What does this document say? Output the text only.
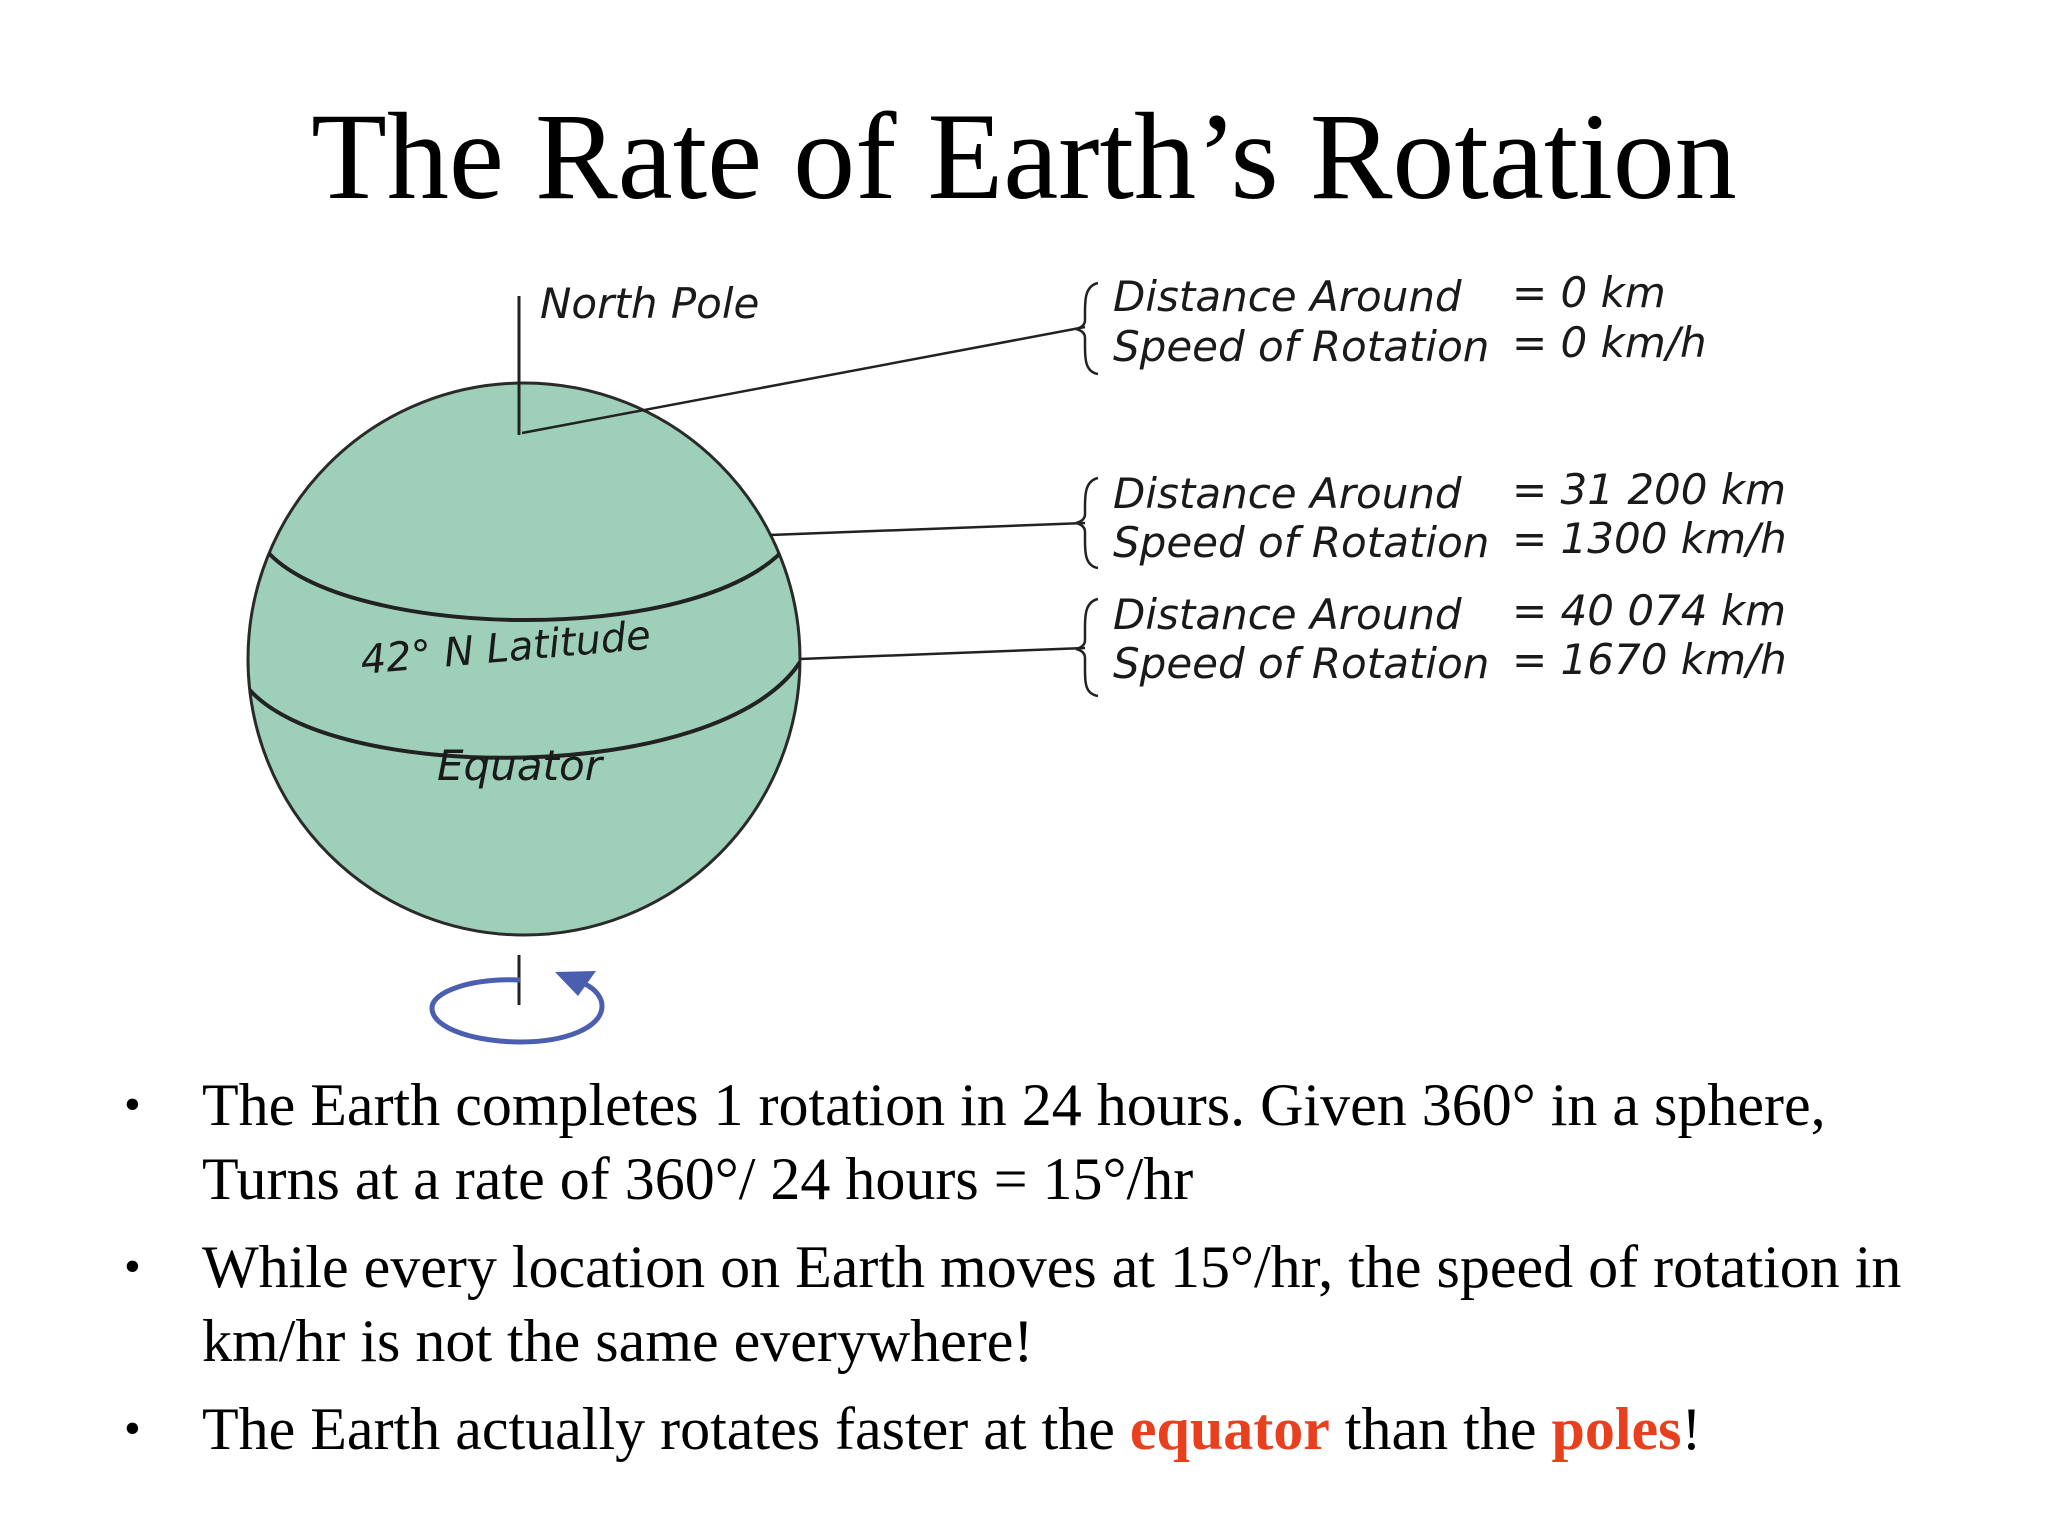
The Rate of Earth’s Rotation
North Pole
42° N Latitude
Equator
Distance Around = 0 km
Speed of Rotation = 0 km/h
Distance Around = 31 200 km
Speed of Rotation = 1300 km/h
Distance Around = 40 074 km
Speed of Rotation = 1670 km/h
• The Earth completes 1 rotation in 24 hours. Given 360° in a sphere, Turns at a rate of 360°/ 24 hours = 15°/hr
• While every location on Earth moves at 15°/hr, the speed of rotation in km/hr is not the same everywhere!
• The Earth actually rotates faster at the equator than the poles!
